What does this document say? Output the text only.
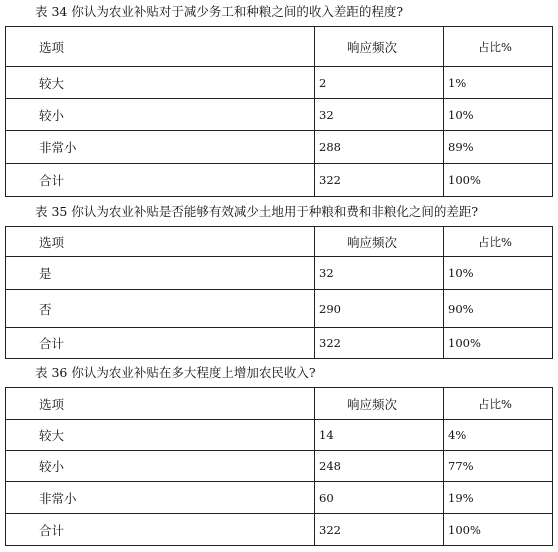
表 34 你认为农业补贴对于减少务工和种粮之间的收入差距的程度?
选项	响应频次	占比%
较大	2	1%
较小	32	10%
非常小	288	89%
合计	322	100%
表 35 你认为农业补贴是否能够有效减少土地用于种粮和费和非粮化之间的差距?
选项	响应频次	占比%
是	32	10%
否	290	90%
合计	322	100%
表 36 你认为农业补贴在多大程度上增加农民收入?
选项	响应频次	占比%
较大	14	4%
较小	248	77%
非常小	60	19%
合计	322	100%
